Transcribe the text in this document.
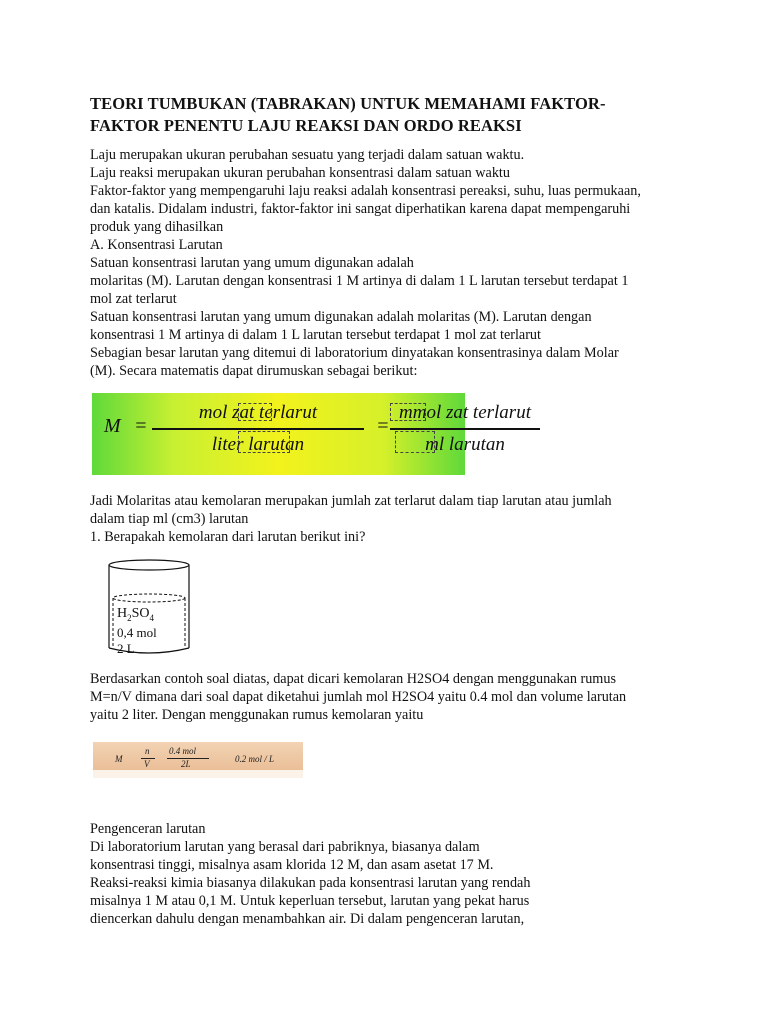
TEORI TUMBUKAN (TABRAKAN) UNTUK MEMAHAMI FAKTOR-
FAKTOR PENENTU LAJU REAKSI DAN ORDO REAKSI
Laju merupakan ukuran perubahan sesuatu yang terjadi dalam satuan waktu.
Laju reaksi merupakan ukuran perubahan konsentrasi dalam satuan waktu
Faktor-faktor yang mempengaruhi laju reaksi adalah konsentrasi pereaksi, suhu, luas permukaan,
dan katalis. Didalam industri, faktor-faktor ini sangat diperhatikan karena dapat mempengaruhi
produk yang dihasilkan
A. Konsentrasi Larutan
Satuan konsentrasi larutan yang umum digunakan adalah
molaritas (M). Larutan dengan konsentrasi 1 M artinya di dalam 1 L larutan tersebut terdapat 1
mol zat terlarut
Satuan konsentrasi larutan yang umum digunakan adalah molaritas (M). Larutan dengan
konsentrasi 1 M artinya di dalam 1 L larutan tersebut terdapat 1 mol zat terlarut
Sebagian besar larutan yang ditemui di laboratorium dinyatakan konsentrasinya dalam Molar
(M). Secara matematis dapat dirumuskan sebagai berikut:
M =
mol zat terlarut
liter larutan
=
mmol zat terlarut
ml larutan
Jadi Molaritas atau kemolaran merupakan jumlah zat terlarut dalam tiap larutan atau jumlah
dalam tiap ml (cm3) larutan
1. Berapakah kemolaran dari larutan berikut ini?
$H_2SO_4$
0,4 mol
2 L
Berdasarkan contoh soal diatas, dapat dicari kemolaran H2SO4 dengan menggunakan rumus
M=n/V dimana dari soal dapat diketahui jumlah mol H2SO4 yaitu 0.4 mol dan volume larutan
yaitu 2 liter. Dengan menggunakan rumus kemolaran yaitu
M
n
V
0.4 mol
2L	0.2 mol / L
Pengenceran larutan
Di laboratorium larutan yang berasal dari pabriknya, biasanya dalam
konsentrasi tinggi, misalnya asam klorida 12 M, dan asam asetat 17 M.
Reaksi-reaksi kimia biasanya dilakukan pada konsentrasi larutan yang rendah
misalnya 1 M atau 0,1 M. Untuk keperluan tersebut, larutan yang pekat harus
diencerkan dahulu dengan menambahkan air. Di dalam pengenceran larutan,
